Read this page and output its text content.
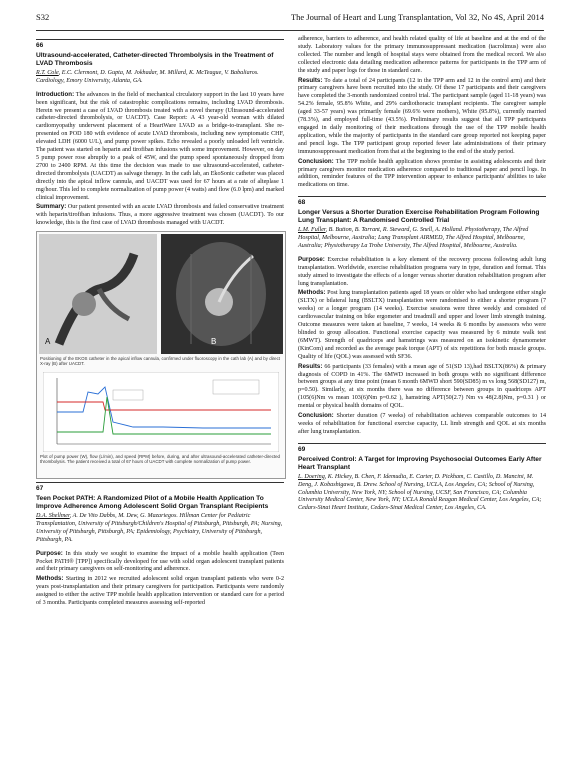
S32	The Journal of Heart and Lung Transplantation, Vol 32, No 4S, April 2014
66
Ultrasound-accelerated, Catheter-directed Thrombolysis in the Treatment of LVAD Thrombosis
R.T. Cole, E.C. Clermont, D. Gupta, M. Jokhadar, M. Millard, K. McTeague, V. Babaliaros. Cardiology, Emory University, Atlanta, GA.

Introduction: The advances in the field of mechanical circulatory support in the last 10 years have been significant, but the risk of catastrophic complications remains, including LVAD thrombosis. Herein we present a case of LVAD thrombosis treated with a novel therapy (Ultrasound-accelerated catheter-directed thrombolysis, or UACDT). Case Report: A 43 year-old woman with dilated cardiomyopathy underwent placement of a HeartWare LVAD as a bridge-to-transplant. She re-presented on POD 180 with evidence of acute LVAD thrombosis, including new symptomatic CHF, elevated LDH (6000 U/L), and pump power spikes. Echo revealed a poorly unloaded left ventricle. The patient was started on heparin and tirofiban infusions with some improvement. However, on day 5 pump power rose abruptly to a peak of 45W, and the pump speed spontaneously dropped from 2700 to 2400 RPM. At this time the decision was made to use ultrasound-accelerated, catheter-directed thrombolysis (UACDT) as salvage therapy. In the cath lab, an EkoSonic catheter was placed directly into the apical inflow cannula, and UACDT was used for 67 hours at a rate of alteplase 1 mg/hour. This led to complete normalization of pump power (4 watts) and flow (6.0 lpm) and marked clinical improvement.

Summary: Our patient presented with an acute LVAD thrombosis and failed conservative treatment with heparin/tirofiban infusions. Thus, a more aggressive treatment was chosen (UACDT). To our knowledge, this is the first case of LVAD thrombosis managed with UACDT.

A	B
Positioning of the EKOS catheter in the apical inflow cannula, confirmed under fluoroscopy in the cath lab (A) and by direct X-ray (B) after UACDT.
Plot of pump power (W), flow (L/min), and speed (RPM) before, during, and after ultrasound-accelerated catheter-directed thrombolysis. The patient received a total of 67 hours of UACDT with complete normalization of pump power.
67
Teen Pocket PATH: A Randomized Pilot of a Mobile Health Application To Improve Adherence Among Adolescent Solid Organ Transplant Recipients
D.A. Shellmer, A. De Vito Dabbs, M. Dew, G. Mazariegos. Hillman Center for Pediatric Transplantation, University of Pittsburgh/Children's Hospital of Pittsburgh, Pittsburgh, PA; Nursing, University of Pittsburgh, Pittsburgh, PA; Epidemiology, Psychiatry, University of Pittsburgh, Pittsburgh, PA.

Purpose: In this study we sought to examine the impact of a mobile health application (Teen Pocket PATH® [TPP]) specifically developed for use with solid organ adolescent transplant patients and their primary caregivers on self-monitoring and adherence.

Methods: Starting in 2012 we recruited adolescent solid organ transplant patients who were 0-2 years post-transplantation and their primary caregivers for participation. Participants were randomly assigned to either the active TPP mobile health application intervention or standard care for a period of 3 months. Participants completed measures assessing self-reported

adherence, barriers to adherence, and health related quality of life at baseline and at the end of the study. Laboratory values for the primary immunosuppressant medication (tacrolimus) were also collected. The number and length of hospital stays were obtained from the medical record. We also collected electronic data detailing medication adherence patterns for participants in the TPP arm of the study and paper logs for those in standard care.

Results: To date a total of 24 participants (12 in the TPP arm and 12 in the control arm) and their primary caregivers have been recruited into the study. Of these 17 participants and their caregivers have completed the 3-month randomized control trial. The participant sample (aged 11-18 years) was 54.2% female, 95.8% White, and 29% cardiothoracic transplant recipients. The caregiver sample (aged 33-57 years) was primarily female (69.6% were mothers), White (95.8%), currently married (78.3%), and employed full-time (43.5%). Preliminary results suggest that all TPP participants engaged in daily monitoring of their medications through the use of the TPP mobile health application, while the majority of participants in the standard care group reported not keeping paper and pencil logs. The TPP participant group reported fewer late administrations of their primary immunosuppressant medication from that at the beginning to the end of the study period.

Conclusion: The TPP mobile health application shows promise in assisting adolescents and their primary caregivers monitor medication adherence compared to traditional paper and pencil logs. In addition, reminder features of the TPP intervention appear to enhance participants' abilities to take medications on time.

68
Longer Versus a Shorter Duration Exercise Rehabilitation Program Following Lung Transplant: A Randomised Controlled Trial
L.M. Fuller, B. Button, B. Tarrant, R. Steward, G. Snell, A. Holland. Physiotherapy, The Alfred Hospital, Melbourne, Australia; Lung Transplant AIRMED, The Alfred Hospital, Melbourne, Australia; Physiotherapy La Trobe University, The Alfred Hospital, Melbourne, Australia.

Purpose: Exercise rehabilitation is a key element of the recovery process following adult lung transplantation. Worldwide, exercise rehabilitation programs vary in type, duration and format. This study aimed to investigate the effects of a longer versus shorter duration rehabilitation program after lung transplantation.

Methods: Post lung transplantation patients aged 18 years or older who had undergone either single (SLTX) or bilateral lung (BSLTX) transplantation were randomised to either a shorter program (7 weeks) or a longer program (14 weeks). Exercise sessions were three weekly and consisted of cardiovascular training on bike ergometer and treadmill and upper and lower limb strength training. Outcome measures were taken at baseline, 7 weeks, 14 weeks & 6 months by assessors who were blinded to group allocation. Functional exercise capacity was measured by 6 minute walk test (6MWT). Strength of quadriceps and hamstrings was measured on an isokinetic dynamometer (KinCom) and recorded as the average peak torque (APT) of six repetitions for both muscle groups. Quality of life (QOL) was assessed with SF36.

Results: 66 participants (33 females) with a mean age of 51(SD 13),had BSLTX(86%) & primary diagnosis of COPD in 41%. The 6MWD increased in both groups with no significant difference between groups at any time point (mean 6 month 6MWD short 590(SD85) m vs long 568(SD127) m, p=0.50). Similarly, at six months there was no difference between groups in quadriceps APT (105(6)Nm vs mean 103(6)Nm p=0.62 ), hamstring APT(50(2.7) Nm vs 48(2.8)Nm, p=0.31 ) or mental or physical health domains of QOL.

Conclusion: Shorter duration (7 weeks) of rehabilitation achieves comparable outcomes to 14 weeks of rehabilitation for functional exercise capacity, LL limb strength and QOL at six months after lung transplantation.

69
Perceived Control: A Target for Improving Psychosocial Outcomes Early After Heart Transplant
L. Doering, K. Hickey, B. Chen, F. Idemudia, E. Carter, D. Pickham, C. Castillo, D. Mancini, M. Deng, J. Kobashigawa, B. Drew. School of Nursing, UCLA, Los Angeles, CA; School of Nursing, Columbia University, New York, NY; School of Nursing, UCSF, San Francisco, CA; Columbia University Medical Center, New York, NY; UCLA Ronald Reagan Medical Center, Los Angeles, CA; Cedars-Sinai Heart Institute, Cedars-Sinai Medical Center, Los Angeles, CA.
